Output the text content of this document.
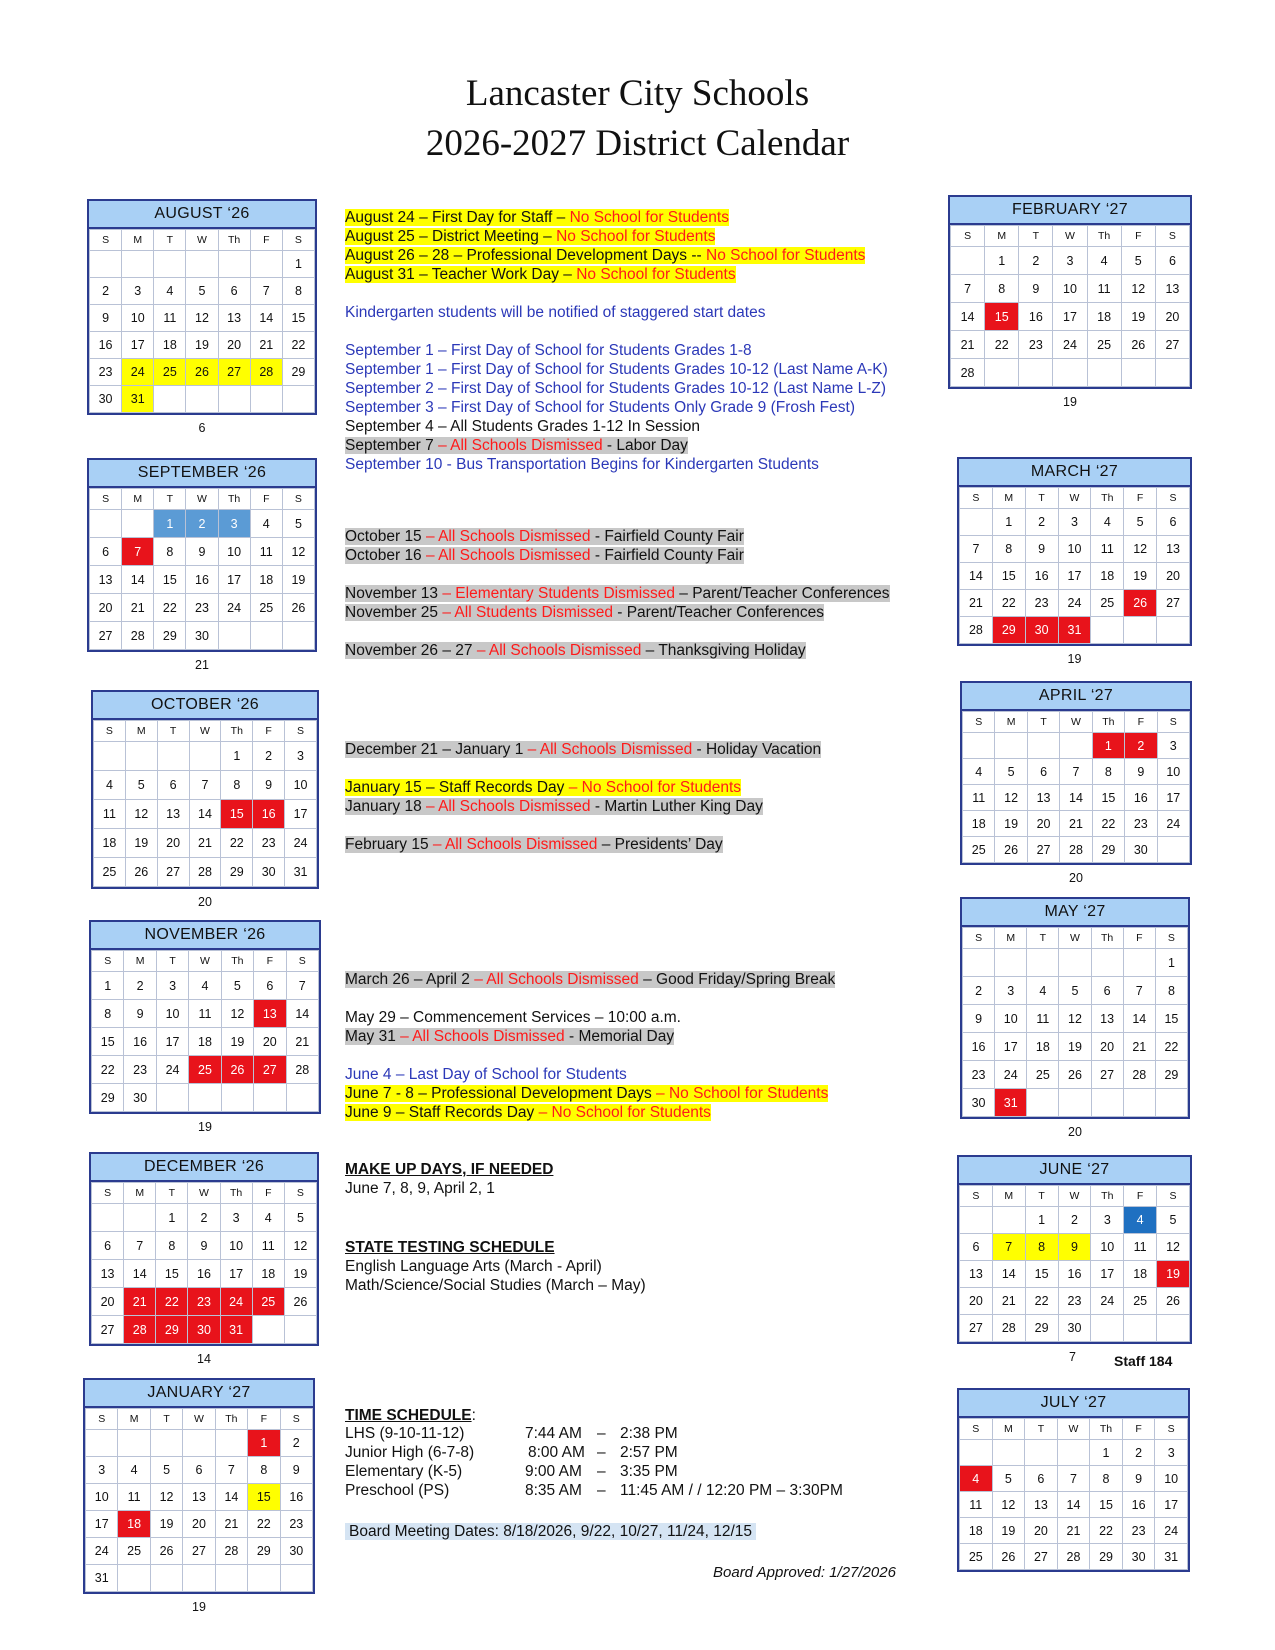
Lancaster City Schools
2026-2027 District Calendar
AUGUST ‘26
S	M	T	W	Th	F	S
						1
2	3	4	5	6	7	8
9	10	11	12	13	14	15
16	17	18	19	20	21	22
23	24	25	26	27	28	29
30	31					
6
SEPTEMBER ‘26
S	M	T	W	Th	F	S
		1	2	3	4	5
6	7	8	9	10	11	12
13	14	15	16	17	18	19
20	21	22	23	24	25	26
27	28	29	30			
21
OCTOBER ‘26
S	M	T	W	Th	F	S
				1	2	3
4	5	6	7	8	9	10
11	12	13	14	15	16	17
18	19	20	21	22	23	24
25	26	27	28	29	30	31
20
NOVEMBER ‘26
S	M	T	W	Th	F	S
1	2	3	4	5	6	7
8	9	10	11	12	13	14
15	16	17	18	19	20	21
22	23	24	25	26	27	28
29	30					
19
DECEMBER ‘26
S	M	T	W	Th	F	S
		1	2	3	4	5
6	7	8	9	10	11	12
13	14	15	16	17	18	19
20	21	22	23	24	25	26
27	28	29	30	31		
14
JANUARY ‘27
S	M	T	W	Th	F	S
					1	2
3	4	5	6	7	8	9
10	11	12	13	14	15	16
17	18	19	20	21	22	23
24	25	26	27	28	29	30
31						
19
FEBRUARY ‘27
S	M	T	W	Th	F	S
	1	2	3	4	5	6
7	8	9	10	11	12	13
14	15	16	17	18	19	20
21	22	23	24	25	26	27
28						
19
MARCH ‘27
S	M	T	W	Th	F	S
	1	2	3	4	5	6
7	8	9	10	11	12	13
14	15	16	17	18	19	20
21	22	23	24	25	26	27
28	29	30	31			
19
APRIL ‘27
S	M	T	W	Th	F	S
				1	2	3
4	5	6	7	8	9	10
11	12	13	14	15	16	17
18	19	20	21	22	23	24
25	26	27	28	29	30	
20
MAY ‘27
S	M	T	W	Th	F	S
						1
2	3	4	5	6	7	8
9	10	11	12	13	14	15
16	17	18	19	20	21	22
23	24	25	26	27	28	29
30	31					
20
JUNE ‘27
S	M	T	W	Th	F	S
		1	2	3	4	5
6	7	8	9	10	11	12
13	14	15	16	17	18	19
20	21	22	23	24	25	26
27	28	29	30			
7
JULY ‘27
S	M	T	W	Th	F	S
				1	2	3
4	5	6	7	8	9	10
11	12	13	14	15	16	17
18	19	20	21	22	23	24
25	26	27	28	29	30	31
Staff 184
August 24 – First Day for Staff – No School for Students
August 25 – District Meeting – No School for Students
August 26 – 28 – Professional Development Days -- No School for Students
August 31 – Teacher Work Day – No School for Students
Kindergarten students will be notified of staggered start dates
September 1 – First Day of School for Students Grades 1-8
September 1 – First Day of School for Students Grades 10-12 (Last Name A-K)
September 2 – First Day of School for Students Grades 10-12 (Last Name L-Z)
September 3 – First Day of School for Students Only Grade 9 (Frosh Fest)
September 4 – All Students Grades 1-12 In Session
September 7 – All Schools Dismissed - Labor Day
September 10 - Bus Transportation Begins for Kindergarten Students
October 15 – All Schools Dismissed - Fairfield County Fair
October 16 – All Schools Dismissed - Fairfield County Fair
November 13 – Elementary Students Dismissed – Parent/Teacher Conferences
November 25 – All Students Dismissed - Parent/Teacher Conferences
November 26 – 27 – All Schools Dismissed – Thanksgiving Holiday
December 21 – January 1 – All Schools Dismissed - Holiday Vacation
January 15 – Staff Records Day – No School for Students
January 18 – All Schools Dismissed - Martin Luther King Day
February 15 – All Schools Dismissed – Presidents’ Day
March 26 – April 2 – All Schools Dismissed – Good Friday/Spring Break
May 29 – Commencement Services – 10:00 a.m.
May 31 – All Schools Dismissed - Memorial Day
June 4 – Last Day of School for Students
June 7 - 8 – Professional Development Days – No School for Students
June 9 – Staff Records Day – No School for Students
MAKE UP DAYS, IF NEEDED
June 7, 8, 9, April 2, 1
STATE TESTING SCHEDULE
English Language Arts (March - April)
Math/Science/Social Studies (March – May)
TIME SCHEDULE:
LHS (9-10-11-12)	7:44 AM – 2:38 PM
Junior High (6-7-8)	8:00 AM – 2:57 PM
Elementary (K-5)	9:00 AM – 3:35 PM
Preschool (PS)	8:35 AM – 11:45 AM / / 12:20 PM – 3:30PM
Board Meeting Dates: 8/18/2026, 9/22, 10/27, 11/24, 12/15
Board Approved: 1/27/2026
